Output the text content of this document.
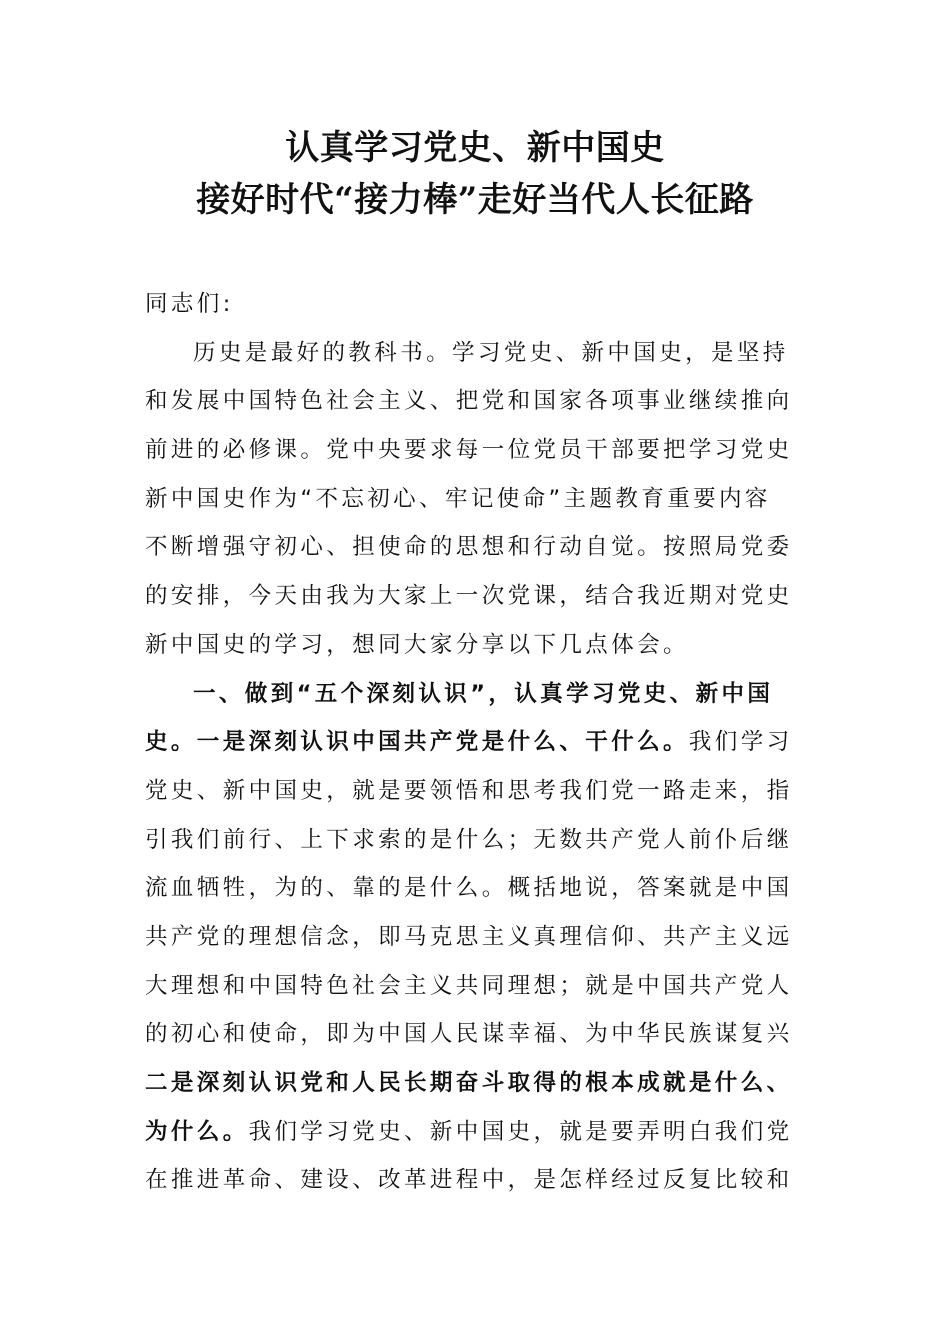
认真学习党史、新中国史
接好时代“接力棒”走好当代人长征路
同志们:
历史是最好的教科书。学习党史、新中国史，是坚持
和发展中国特色社会主义、把党和国家各项事业继续推向
前进的必修课。党中央要求每一位党员干部要把学习党史
新中国史作为“不忘初心、牢记使命”主题教育重要内容
不断增强守初心、担使命的思想和行动自觉。按照局党委
的安排，今天由我为大家上一次党课，结合我近期对党史
新中国史的学习，想同大家分享以下几点体会。
一、做到“五个深刻认识”，认真学习党史、新中国
史。一是深刻认识中国共产党是什么、干什么。我们学习
党史、新中国史，就是要领悟和思考我们党一路走来，指
引我们前行、上下求索的是什么；无数共产党人前仆后继
流血牺牲，为的、靠的是什么。概括地说，答案就是中国
共产党的理想信念，即马克思主义真理信仰、共产主义远
大理想和中国特色社会主义共同理想；就是中国共产党人
的初心和使命，即为中国人民谋幸福、为中华民族谋复兴
二是深刻认识党和人民长期奋斗取得的根本成就是什么、
为什么。我们学习党史、新中国史，就是要弄明白我们党
在推进革命、建设、改革进程中，是怎样经过反复比较和
